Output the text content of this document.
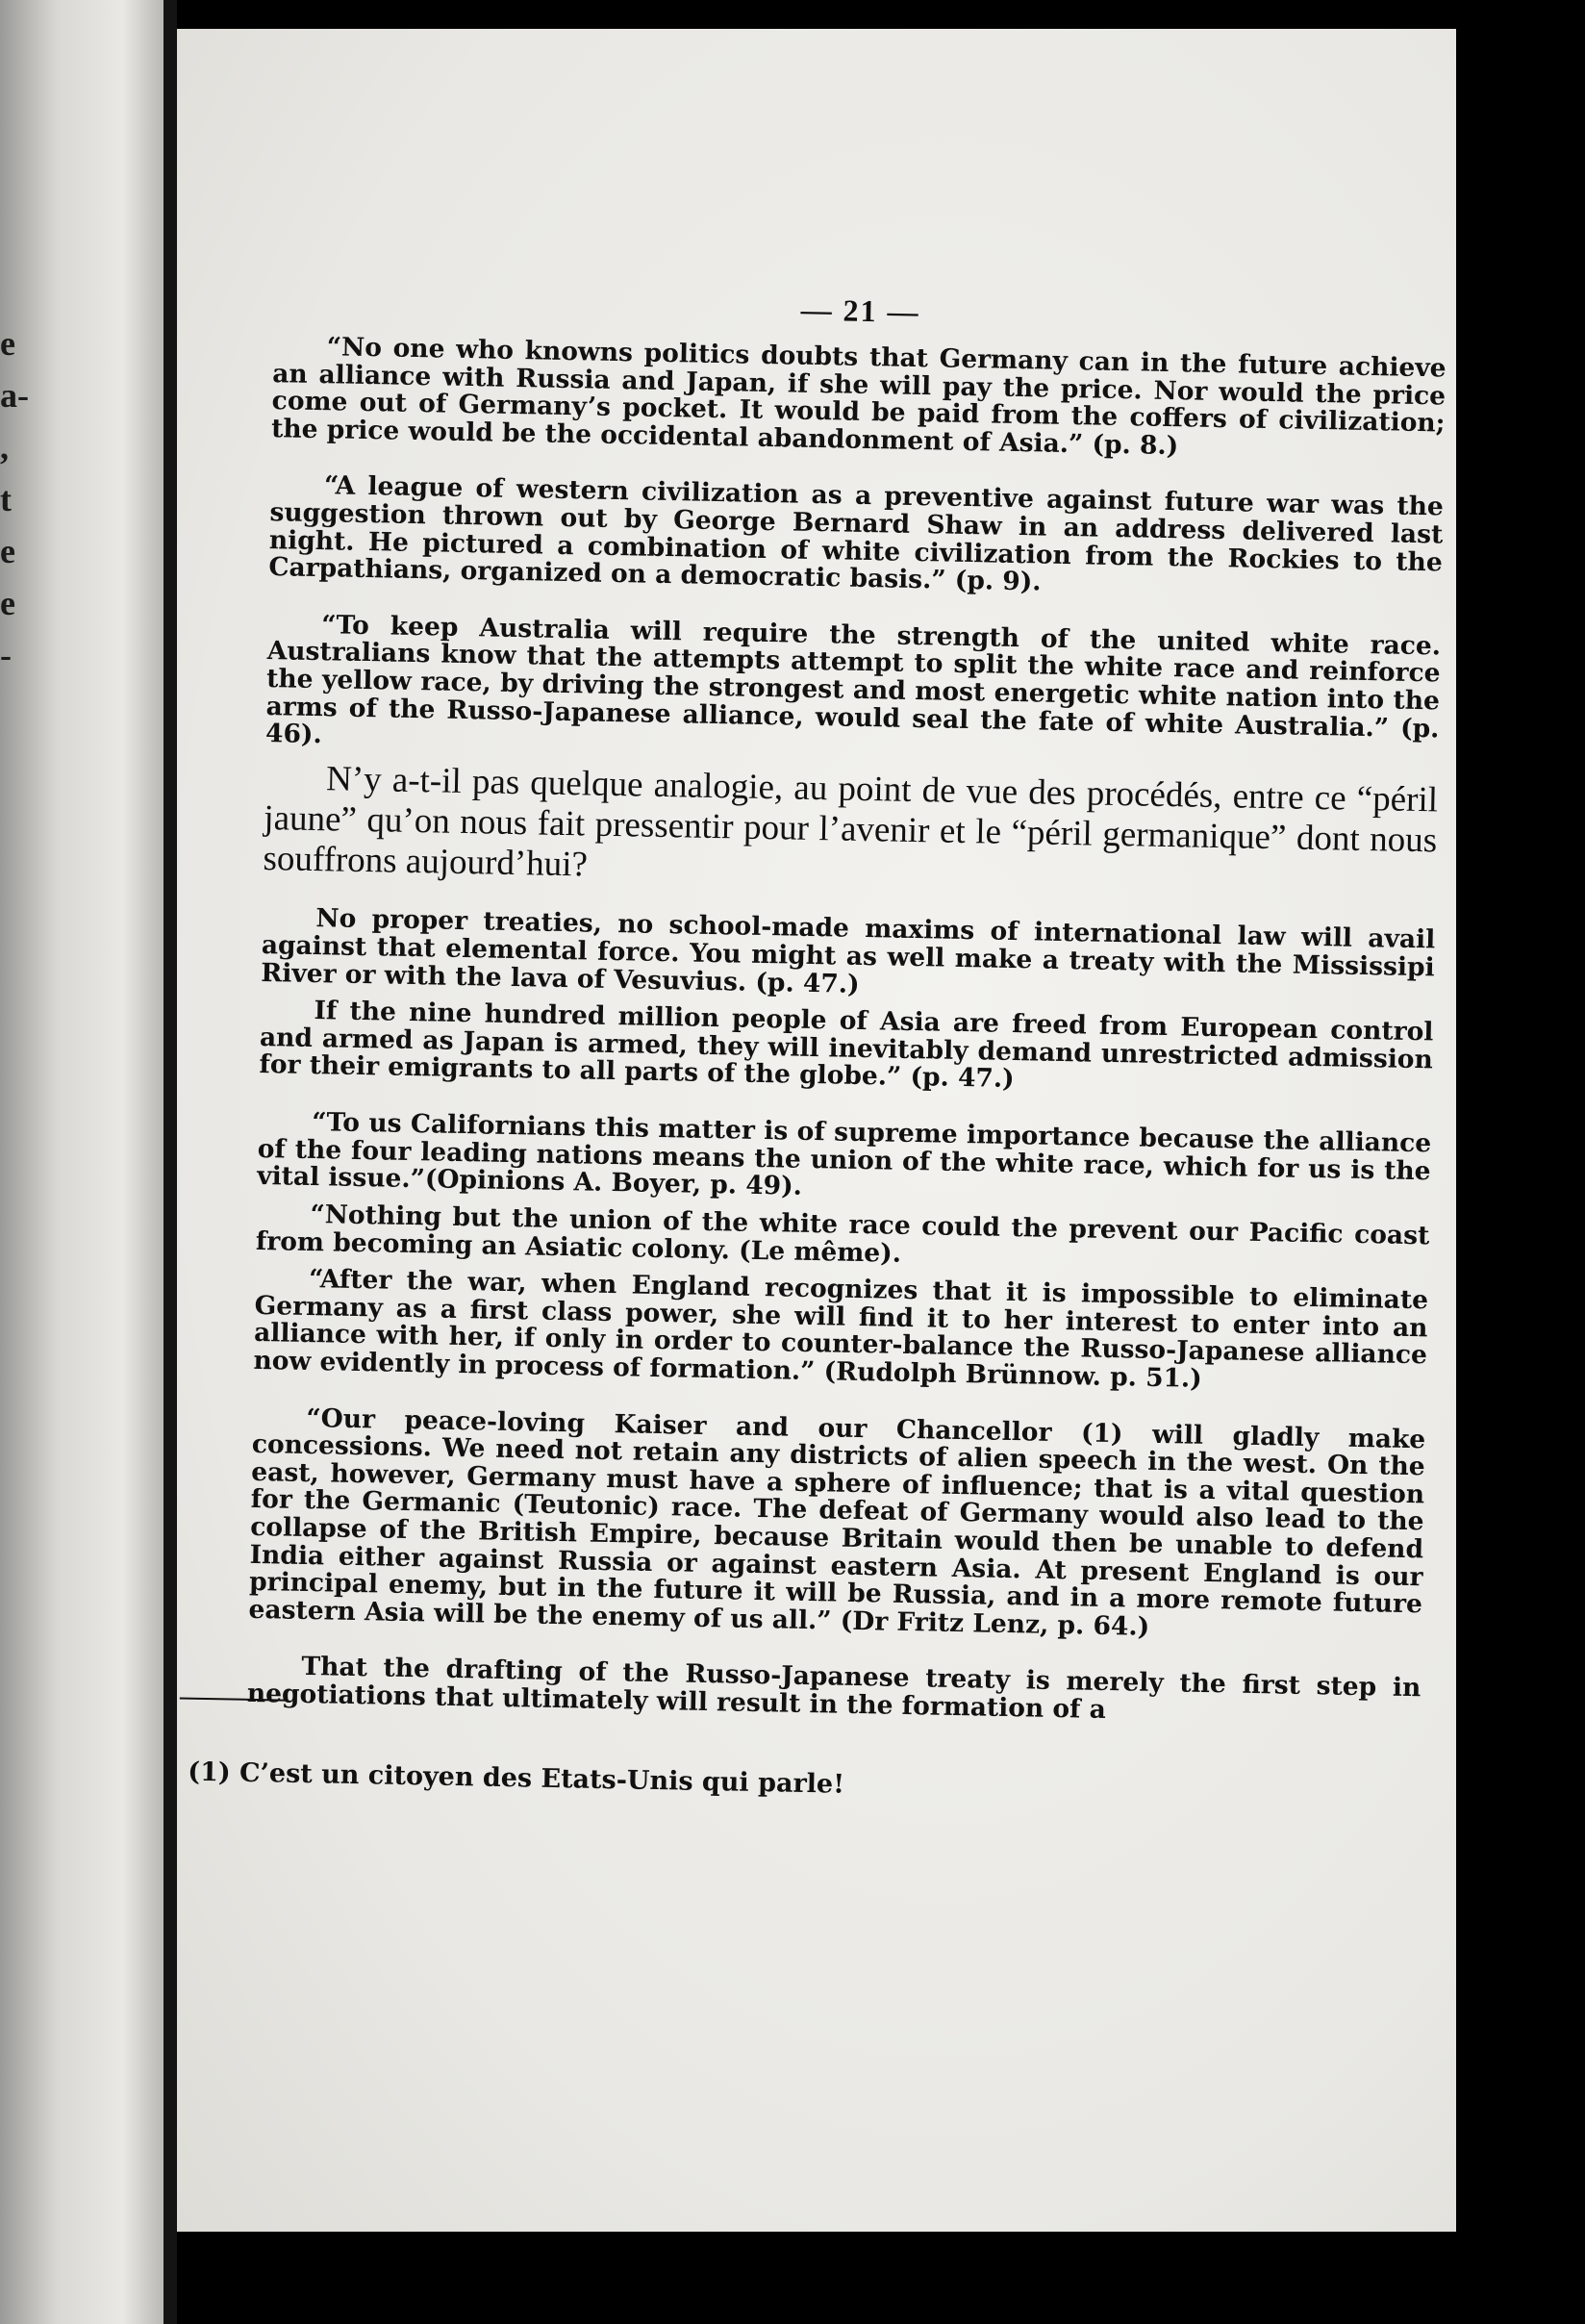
e
a-
,
t
e
e
-
— 21 —

“No one who knowns politics doubts that Germany can in the future achieve an alliance with Russia and Japan, if she will pay the price. Nor would the price come out of Germany’s pocket. It would be paid from the coffers of civilization; the price would be the occidental abandonment of Asia.” (p. 8.)

“A league of western civilization as a preventive against future war was the suggestion thrown out by George Bernard Shaw in an address delivered last night. He pictured a combination of white civilization from the Rockies to the Carpathians, organized on a democratic basis.” (p. 9).

“To keep Australia will require the strength of the united white race. Australians know that the attempts attempt to split the white race and reinforce the yellow race, by driving the strongest and most energetic white nation into the arms of the Russo-Japanese alliance, would seal the fate of white Australia.” (p. 46).

N’y a-t-il pas quelque analogie, au point de vue des procédés, entre ce “péril jaune” qu’on nous fait pressentir pour l’avenir et le “péril germanique” dont nous souffrons aujourd’hui?

No proper treaties, no school-made maxims of international law will avail against that elemental force. You might as well make a treaty with the Mississipi River or with the lava of Vesuvius. (p. 47.)

If the nine hundred million people of Asia are freed from European control and armed as Japan is armed, they will inevitably demand unrestricted admission for their emigrants to all parts of the globe.” (p. 47.)

“To us Californians this matter is of supreme importance because the alliance of the four leading nations means the union of the white race, which for us is the vital issue.”(Opinions A. Boyer, p. 49).

“Nothing but the union of the white race could the prevent our Pacific coast from becoming an Asiatic colony. (Le même).

“After the war, when England recognizes that it is impossible to eliminate Germany as a first class power, she will find it to her interest to enter into an alliance with her, if only in order to counter-balance the Russo-Japanese alliance now evidently in process of formation.” (Rudolph Brünnow. p. 51.)

“Our peace-loving Kaiser and our Chancellor (1) will gladly make concessions. We need not retain any districts of alien speech in the west. On the east, however, Germany must have a sphere of influence; that is a vital question for the Germanic (Teutonic) race. The defeat of Germany would also lead to the collapse of the British Empire, because Britain would then be unable to defend India either against Russia or against eastern Asia. At present England is our principal enemy, but in the future it will be Russia, and in a more remote future eastern Asia will be the enemy of us all.” (Dr Fritz Lenz, p. 64.)

That the drafting of the Russo-Japanese treaty is merely the first step in negotiations that ultimately will result in the formation of a

(1) C’est un citoyen des Etats-Unis qui parle!
